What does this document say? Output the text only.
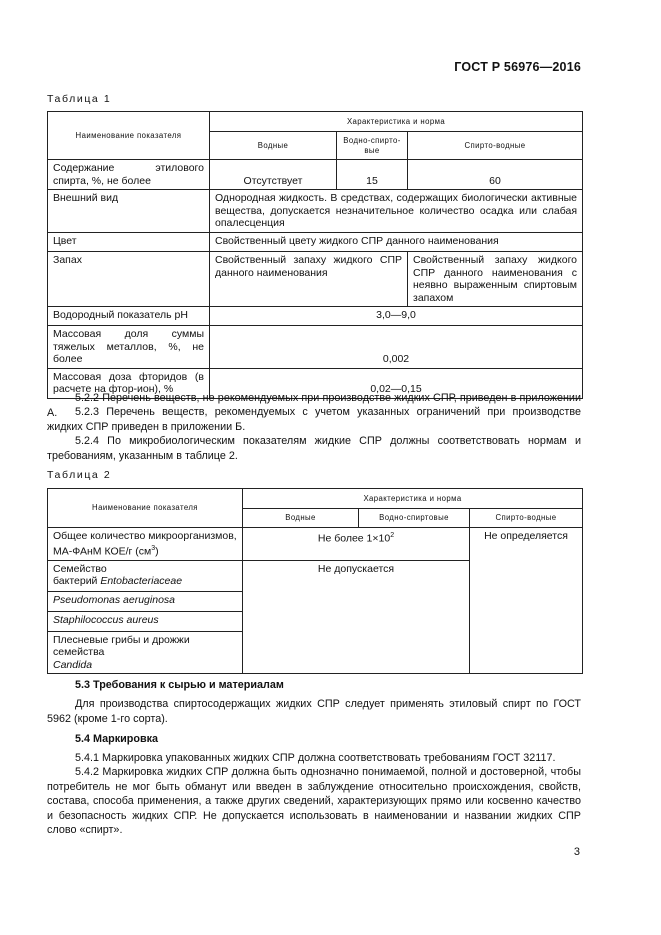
ГОСТ Р 56976—2016
Таблица 1
Наименование показателя	Характеристика и норма		
	Водные	Водно-спирто-вые	Спирто-водные
Содержание этилового спирта, %, не более	Отсутствует	15	60
Внешний вид	Однородная жидкость. В средствах, содержащих биологически активные вещества, допускается незначительное количество осадка или слабая опалесценция		
Цвет	Свойственный цвету жидкого СПР данного наименования		
Запах	Свойственный запаху жидкого СПР данного наименования		Свойственный запаху жидкого СПР данного наименования с неявно выраженным спиртовым запахом
Водородный показатель pH	3,0—9,0		
Массовая доля суммы тяжелых металлов, %, не более	0,002		
Массовая доза фторидов (в расчете на фтор-ион), %	0,02—0,15		
5.2.2 Перечень веществ, не рекомендуемых при производстве жидких СПР, приведен в приложении А.	5.2.3 Перечень веществ, рекомендуемых с учетом указанных ограничений при производстве жидких СПР приведен в приложении Б.
5.2.4 По микробиологическим показателям жидкие СПР должны соответствовать нормам и требованиям, указанным в таблице 2.
Таблица 2
Наименование показателя	Характеристика и норма		
	Водные	Водно-спиртовые	Спирто-водные
Общее количество микроорганизмов,
МА-ФАнМ КОЕ/г $(см^3)$	Не более $1\times 10^2$		Не определяется
Семейство
бактерий Entobacteriaceae	Не допускается		
Pseudomonas aeruginosa			
Staphilococcus aureus			
Плесневые грибы и дрожжи семейства
Candida			
5.3 Требования к сырью и материалам
Для производства спиртосодержащих жидких СПР следует применять этиловый спирт по ГОСТ 5962 (кроме 1-го сорта).
5.4 Маркировка
5.4.1 Маркировка упакованных жидких СПР должна соответствовать требованиям ГОСТ 32117.
5.4.2 Маркировка жидких СПР должна быть однозначно понимаемой, полной и достоверной, чтобы потребитель не мог быть обманут или введен в заблуждение относительно происхождения, свойств, состава, способа применения, а также других сведений, характеризующих прямо или косвенно качество и безопасность жидких СПР. Не допускается использовать в наименовании и названии жидких СПР слово «спирт».
3
